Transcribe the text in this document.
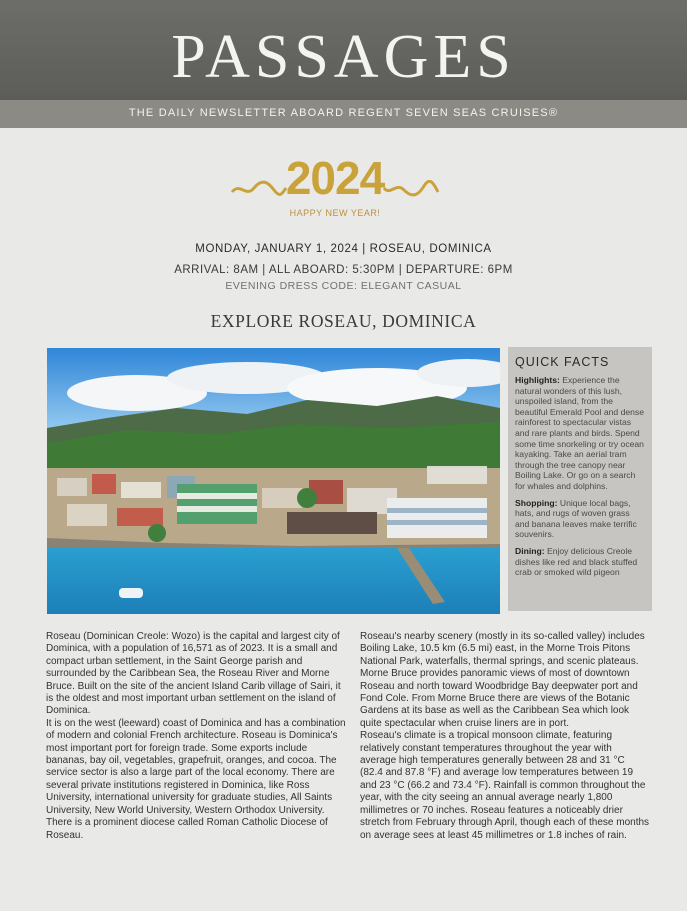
PASSAGES
THE DAILY NEWSLETTER ABOARD REGENT SEVEN SEAS CRUISES®
2024
HAPPY NEW YEAR!
MONDAY, JANUARY 1, 2024 | ROSEAU, DOMINICA
ARRIVAL: 8AM | ALL ABOARD: 5:30PM | DEPARTURE: 6PM
EVENING DRESS CODE: ELEGANT CASUAL
EXPLORE ROSEAU, DOMINICA
QUICK FACTS
Highlights: Experience the natural wonders of this lush, unspoiled island, from the beautiful Emerald Pool and dense rainforest to spectacular vistas and rare plants and birds. Spend some time snorkeling or try ocean kayaking. Take an aerial tram through the tree canopy near Boiling Lake. Or go on a search for whales and dolphins.
Shopping: Unique local bags, hats, and rugs of woven grass and banana leaves make terrific souvenirs.
Dining: Enjoy delicious Creole dishes like red and black stuffed crab or smoked wild pigeon

Roseau (Dominican Creole: Wozo) is the capital and largest city of Dominica, with a population of 16,571 as of 2023. It is a small and compact urban settlement, in the Saint George parish and surrounded by the Caribbean Sea, the Roseau River and Morne Bruce. Built on the site of the ancient Island Carib village of Sairi, it is the oldest and most important urban settlement on the island of Dominica.

It is on the west (leeward) coast of Dominica and has a combination of modern and colonial French architecture. Roseau is Dominica's most important port for foreign trade. Some exports include bananas, bay oil, vegetables, grapefruit, oranges, and cocoa. The service sector is also a large part of the local economy. There are several private institutions registered in Dominica, like Ross University, international university for graduate studies, All Saints University, New World University, Western Orthodox University.

There is a prominent diocese called Roman Catholic Diocese of Roseau.

Roseau's nearby scenery (mostly in its so-called valley) includes Boiling Lake, 10.5 km (6.5 mi) east, in the Morne Trois Pitons National Park, waterfalls, thermal springs, and scenic plateaus.

Morne Bruce provides panoramic views of most of downtown Roseau and north toward Woodbridge Bay deepwater port and Fond Cole. From Morne Bruce there are views of the Botanic Gardens at its base as well as the Caribbean Sea which look quite spectacular when cruise liners are in port.

Roseau's climate is a tropical monsoon climate, featuring relatively constant temperatures throughout the year with average high temperatures generally between 28 and 31 °C (82.4 and 87.8 °F) and average low temperatures between 19 and 23 °C (66.2 and 73.4 °F). Rainfall is common throughout the year, with the city seeing an annual average nearly 1,800 millimetres or 70 inches. Roseau features a noticeably drier stretch from February through April, though each of these months on average sees at least 45 millimetres or 1.8 inches of rain.
